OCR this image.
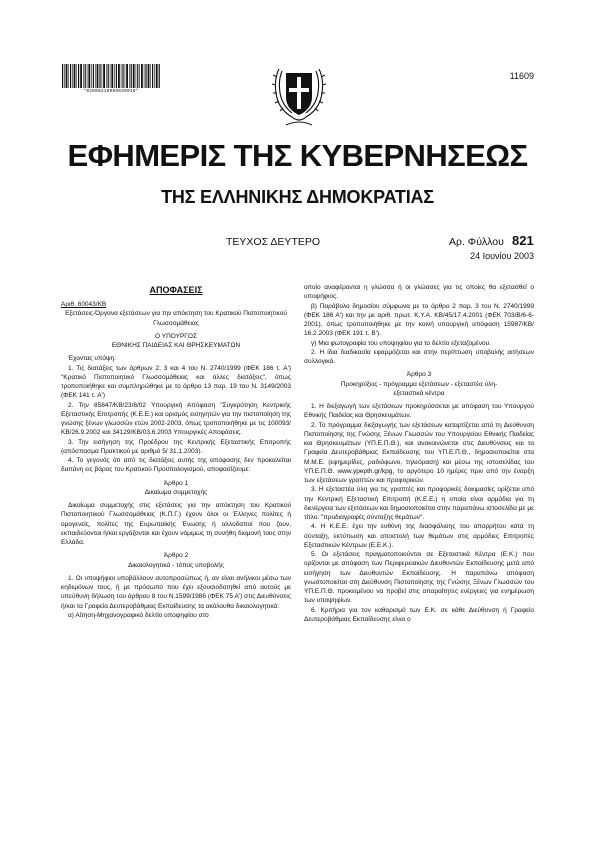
*02008210906030010*
11609
ΕΦΗΜΕΡΙΣ ΤΗΣ ΚΥΒΕΡΝΗΣΕΩΣ
ΤΗΣ ΕΛΛΗΝΙΚΗΣ ΔΗΜΟΚΡΑΤΙΑΣ
ΤΕΥΧΟΣ ΔΕΥΤΕΡΟ	Αρ. Φύλλου 821
24 Ιουνίου 2003
ΑΠΟΦΑΣΕΙΣ

Αριθ. 60043/ΚΒ

Εξετάσεις-Όργανα εξετάσεων για την απόκτηση του Κρατικού Πιστοποιητικού Γλωσσομάθειας

Ο ΥΠΟΥΡΓΟΣ

ΕΘΝΙΚΗΣ ΠΑΙΔΕΙΑΣ ΚΑΙ ΘΡΗΣΚΕΥΜΑΤΩΝ

Έχοντας υπόψη:

1. Τις διατάξεις των άρθρων 2, 3 και 4 του Ν. 2740/1999 (ΦΕΚ 186 τ. Α') "Κρατικό Πιστοποιητικό Γλωσσομάθειας και άλλες διατάξεις", όπως τροποποιήθηκε και συμπληρώθηκε με το άρθρο 13 παρ. 19 του Ν. 3149/2003 (ΦΕΚ 141 τ. Α')

2. Την 85847/ΚΒ/23/8/02 Υπουργική Απόφαση "Συγκρότηση Κεντρικής Εξεταστικής Επιτροπής (Κ.Ε.Ε.) και ορισμός εισηγητών για την πιστοποίηση της γνώσης ξένων γλωσσών ετών 2002-2003, όπως τροποποιήθηκε με τις 100093/ΚΒ/26.9.2002 και 34129/ΚΒ/03.6.2003 Υπουργικές Αποφάσεις.

3. Την εισήγηση της Προέδρου της Κεντρικής Εξεταστικής Επιτροπής (απόσπασμα Πρακτικού με αριθμό 5/ 31.1.2003).

4. Το γεγονός ότι από τις διατάξεις αυτής της απόφασης δεν προκαλείται δαπάνη εις βάρος του Κρατικού Προϋπολογισμού, αποφασίζουμε:

Άρθρο 1

Δικαίωμα συμμετοχής

Δικαίωμα συμμετοχής στις εξετάσεις για την απόκτηση του Κρατικού Πιστοποιητικού Γλωσσομάθειας (Κ.Π.Γ.) έχουν όλοι οι Έλληνες πολίτες ή ομογενείς, πολίτες της Ευρωπαϊκής Ένωσης ή αλλοδαποί που ζουν, εκπαιδεύονται ή/και εργάζονται και έχουν νόμιμως τη συνήθη διαμονή τους στην Ελλάδα.

Άρθρο 2

Δικαιολογητικά - τόπος υποβολής

1. Οι υποψήφιοι υποβάλλουν αυτοπροσώπως ή, αν είναι ανήλικοι μέσω των κηδεμόνων τους, ή με πρόσωπο που έχει εξουσιοδοτηθεί από αυτούς με υπεύθυνη δήλωση του άρθρου 8 του Ν.1599/1986 (ΦΕΚ 75 Α') στις Διευθύνσεις ή/και τα Γραφεία Δευτεροβάθμιας Εκπαίδευσης τα ακόλουθα δικαιολογητικά:

α) Αίτηση-Μηχανογραφικό δελτίο υποψηφίου στο

οποίο αναφέρονται η γλώσσα ή οι γλώσσες για τις οποίες θα εξετασθεί ο υποψήφιος.

β) Παράβολο δημοσίου σύμφωνα με το άρθρο 2 παρ. 3 του Ν. 2740/1999 (ΦΕΚ 186 Α') και την με αριθ. πρωτ. Κ.Υ.Α. ΚΒ/45/17.4.2001 (ΦΕΚ 703/Β/6-6-2001), όπως τροποποιήθηκε με την κοινή υπουργική απόφαση 15987/ΚΒ/ 16.2.2003 (ΦΕΚ 191 τ. Β').

γ) Μια φωτογραφία του υποψηφίου για το δελτίο εξεταζομένου.

2. Η ίδια διαδικασία εφαρμόζεται και στην περίπτωση υποβολής αιτήσεων συλλογικά.

Άρθρο 3

Προκηρύξεις - πρόγραμμα εξετάσεων - εξεταστέα ύλη-

εξεταστικά κέντρα

1. Η διεξαγωγή των εξετάσεων προκηρύσσεται με απόφαση του Υπουργού Εθνικής Παιδείας και Θρησκευμάτων.

2. Το πρόγραμμα διεξαγωγής των εξετάσεων καταρτίζεται από τη Διεύθυνση Πιστοποίησης της Γνώσης Ξένων Γλωσσών του Υπουργείου Εθνικής Παιδείας και Θρησκευμάτων (ΥΠ.Ε.Π.Θ.), και ανακοινώνεται στις Διευθύνσεις και τα Γραφεία Δευτεροβάθμιας Εκπαίδευσης του ΥΠ.Ε.Π.Θ., δημοσιοποιείται στα Μ.Μ.Ε. (εφημερίδες, ραδιόφωνο, τηλεόραση) και μέσω της ιστοσελίδας του ΥΠ.Ε.Π.Θ. www.ypepth.gr/kpg, το αργότερο 10 ημέρες πριν από την έναρξη των εξετάσεων γραπτών και προφορικών.

3. Η εξεταστέα ύλη για τις γραπτές και προφορικές δοκιμασίες ορίζεται από την Κεντρική Εξεταστική Επιτροπή (Κ.Ε.Ε.) η οποία είναι αρμόδια για τη διενέργεια των εξετάσεων και δημοσιοποιείται στην παραπάνω ιστοσελίδα με με τίτλο: "προδιαγραφές σύνταξης θεμάτων".

4. Η Κ.Ε.Ε. έχει την ευθύνη της διασφάλισης του απορρήτου κατά τη σύνταξη, εκτύπωση και αποστολή των θεμάτων στις αρμόδιες Επιτροπές Εξεταστικών Κέντρων (Ε.Ε.Κ.).

5. Οι εξετάσεις πραγματοποιούνται σε Εξεταστικά Κέντρα (Ε.Κ.) που ορίζονται με απόφαση των Περιφερειακών Διευθυντών Εκπαίδευσης μετά από εισήγηση των Διευθυντών Εκπαίδευσης. Η παραπάνω απόφαση γνωστοποιείται στη Διεύθυνση Πιστοποίησης της Γνώσης Ξένων Γλωσσών του ΥΠ.Ε.Π.Θ. προκειμένου να προβεί στις απαραίτητες ενέργειες για ενημέρωση των υποψηφίων.

6. Κριτήρια για τον καθορισμό των Ε.Κ. σε κάθε Διεύθυνση ή Γραφείο Δευτεροβάθμιας Εκπαίδευσης είναι ο
